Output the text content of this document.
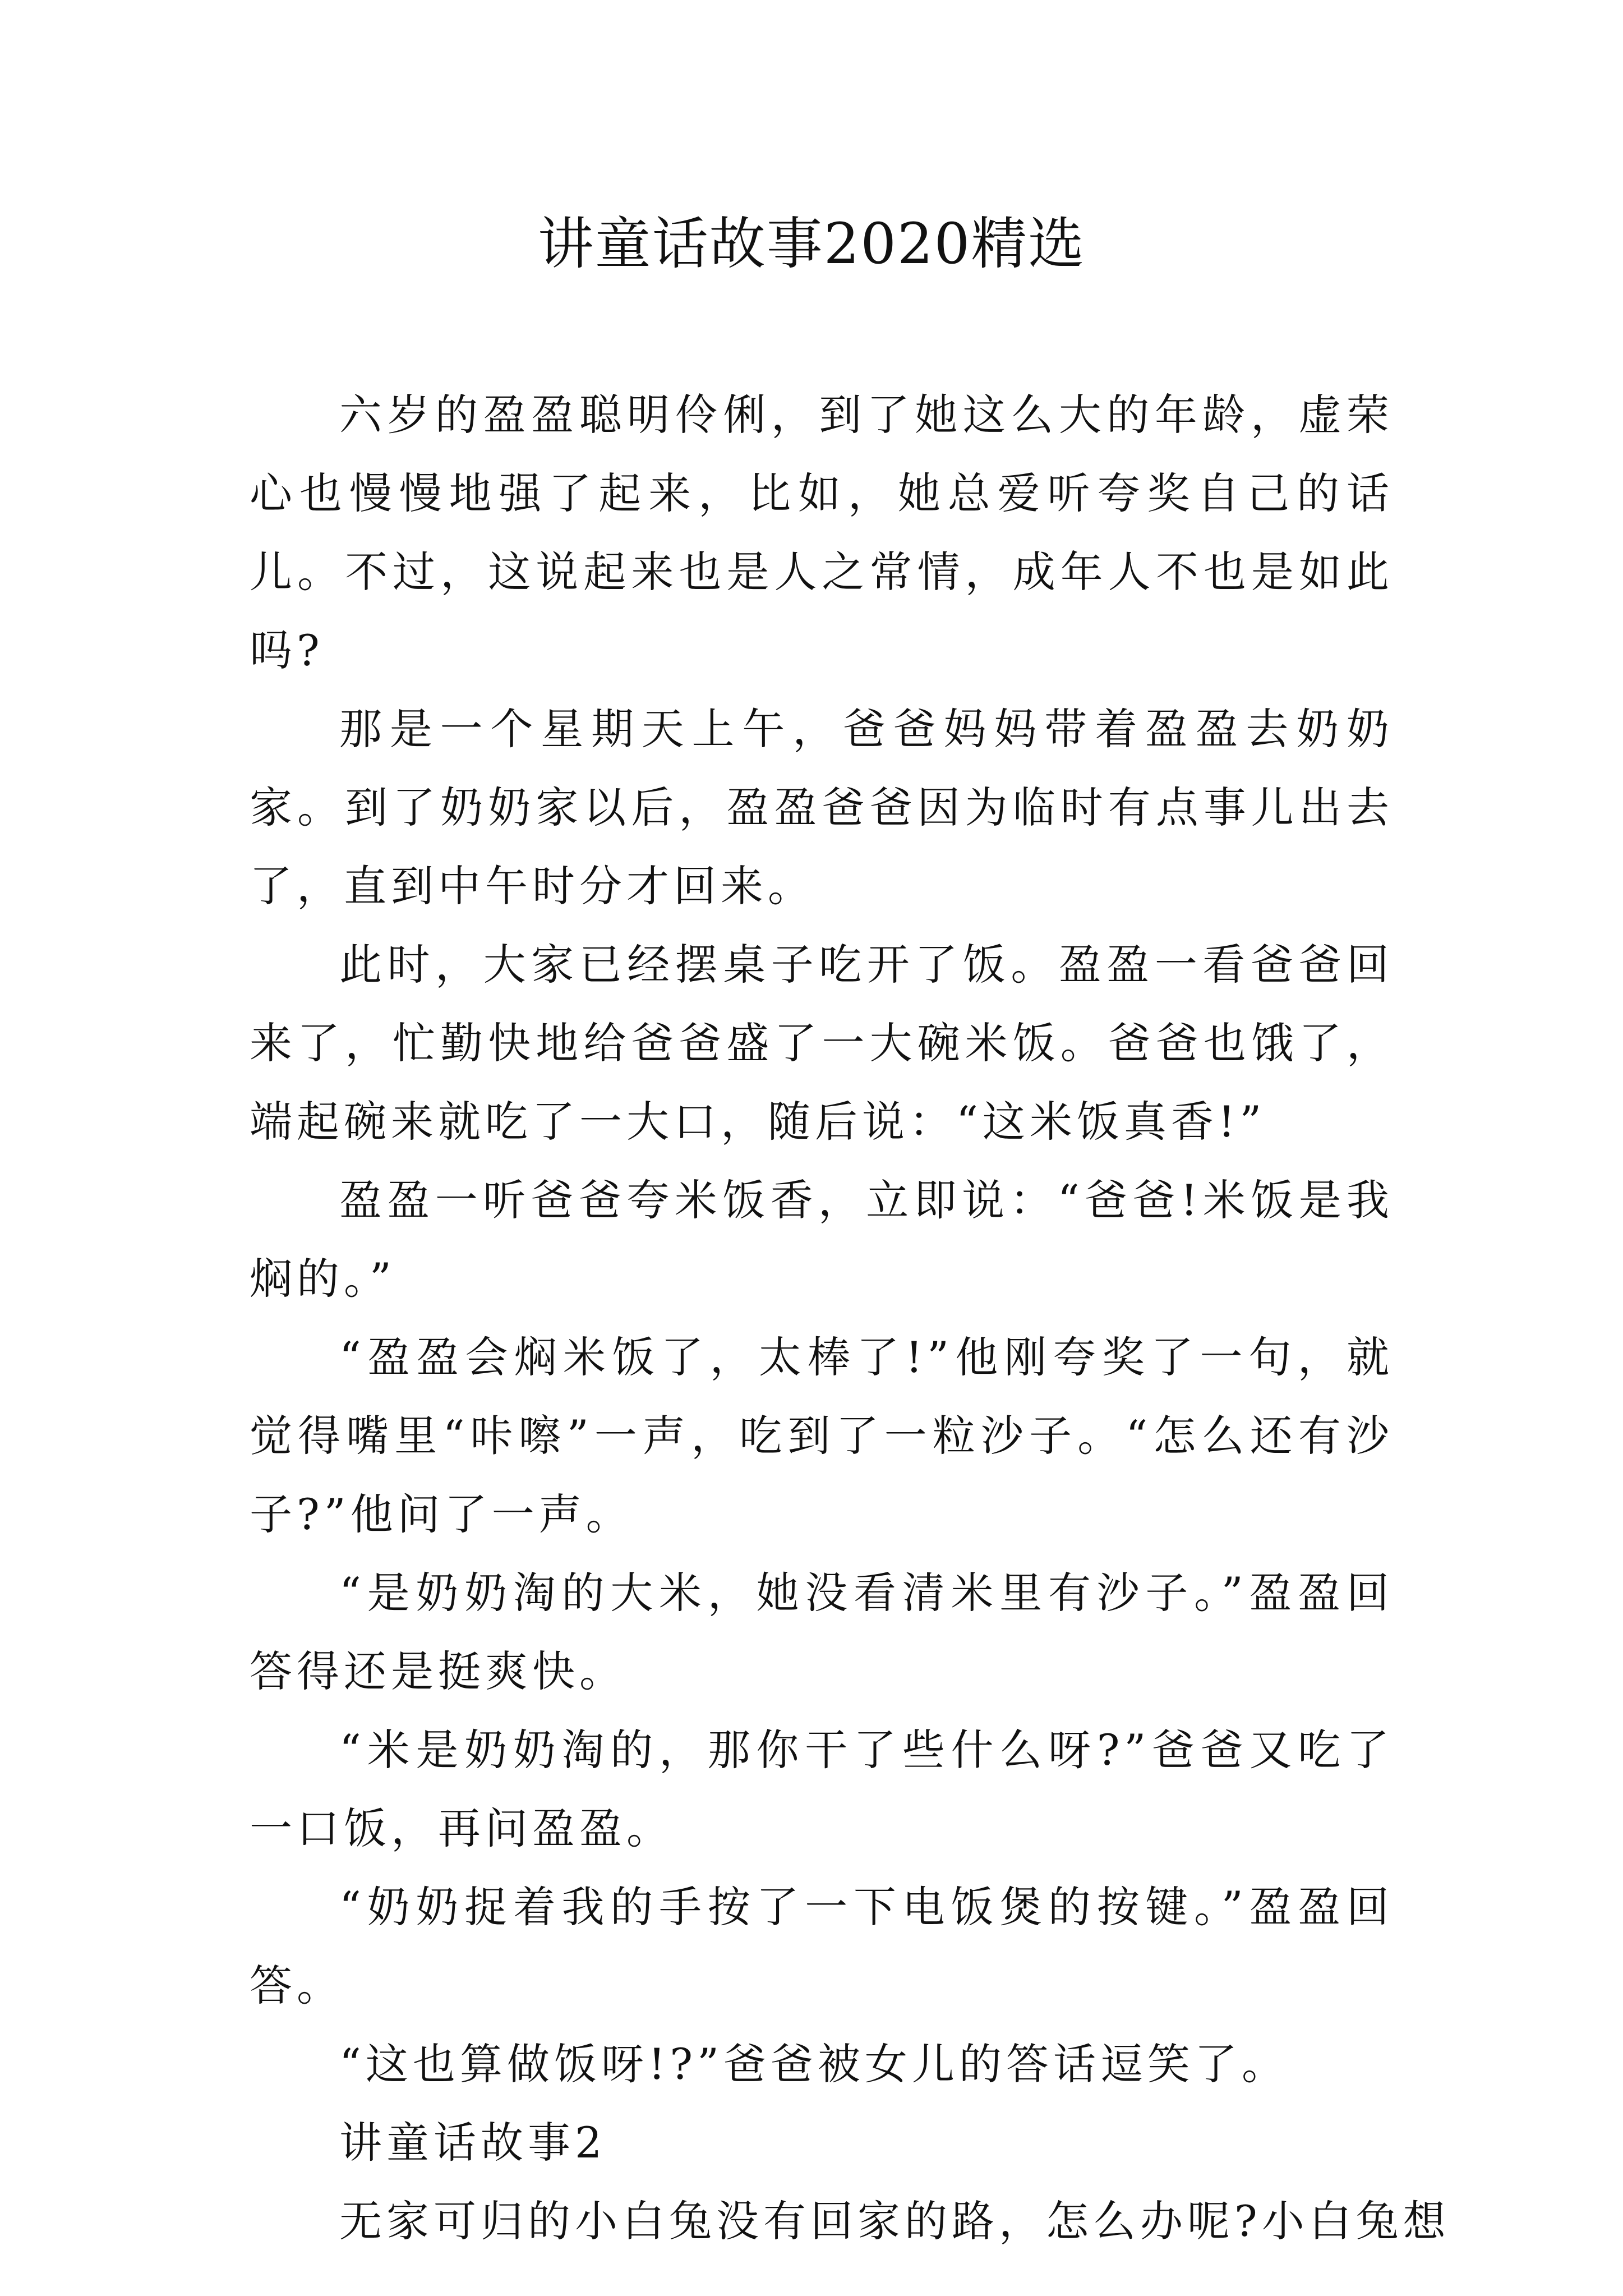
讲童话故事2020精选

六岁的盈盈聪明伶俐，到了她这么大的年龄，虚荣心也慢慢地强了起来，比如，她总爱听夸奖自己的话儿。不过，这说起来也是人之常情，成年人不也是如此吗?

那是一个星期天上午，爸爸妈妈带着盈盈去奶奶家。到了奶奶家以后，盈盈爸爸因为临时有点事儿出去了，直到中午时分才回来。

此时，大家已经摆桌子吃开了饭。盈盈一看爸爸回来了，忙勤快地给爸爸盛了一大碗米饭。爸爸也饿了，端起碗来就吃了一大口，随后说：“这米饭真香!”

盈盈一听爸爸夸米饭香，立即说：“爸爸!米饭是我焖的。”

“盈盈会焖米饭了，太棒了!”他刚夸奖了一句，就觉得嘴里“咔嚓”一声，吃到了一粒沙子。“怎么还有沙子?”他问了一声。

“是奶奶淘的大米，她没看清米里有沙子。”盈盈回答得还是挺爽快。

“米是奶奶淘的，那你干了些什么呀?”爸爸又吃了一口饭，再问盈盈。

“奶奶捉着我的手按了一下电饭煲的按键。”盈盈回答。

“这也算做饭呀!?”爸爸被女儿的答话逗笑了。

讲童话故事2

无家可归的小白兔没有回家的路，怎么办呢?小白兔想
